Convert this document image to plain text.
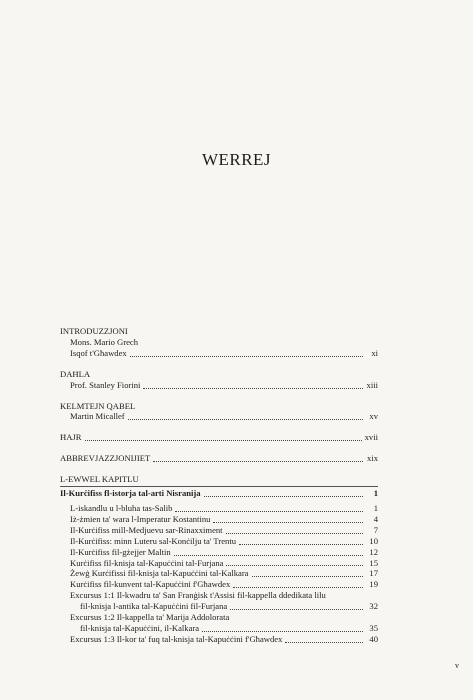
WERREJ
INTRODUZZJONI
Mons. Mario Grech
Isqof t'Għawdex	xi
DAĦLA
Prof. Stanley Fiorini	xiii
KELMTEJN QABEL
Martin Micallef	xv
ĦAJR	xvii
ABBREVJAZZJONIJIET	xix
L-EWWEL KAPITLU
Il-Kurċifiss fl-istorja tal-arti Nisranija	1
L-iskandlu u l-bluha tas-Salib	1
Iż-żmien ta' wara l-Imperatur Kostantinu	4
Il-Kurċifiss mill-Medjuevu sar-Rinaxximent	7
Il-Kurċifiss: minn Luteru sal-Konċilju ta' Trentu	10
Il-Kurċifiss fil-gżejjer Maltin	12
Kurċifiss fil-knisja tal-Kapuċċini tal-Furjana	15
Żewġ Kurċifissi fil-knisja tal-Kapuċċini tal-Kalkara	17
Kurċifiss fil-kunvent tal-Kapuċċini f'Għawdex	19
Excursus 1:1 Il-kwadru ta' San Franġisk t'Assisi fil-kappella ddedikata lilu
fil-knisja l-antika tal-Kapuċċini fil-Furjana	32
Excursus 1:2 Il-kappella ta' Marija Addolorata
fil-knisja tal-Kapuċċini, il-Kalkara	35
Excursus 1:3 Il-kor ta' fuq tal-knisja tal-Kapuċċini f'Għawdex	40
v
